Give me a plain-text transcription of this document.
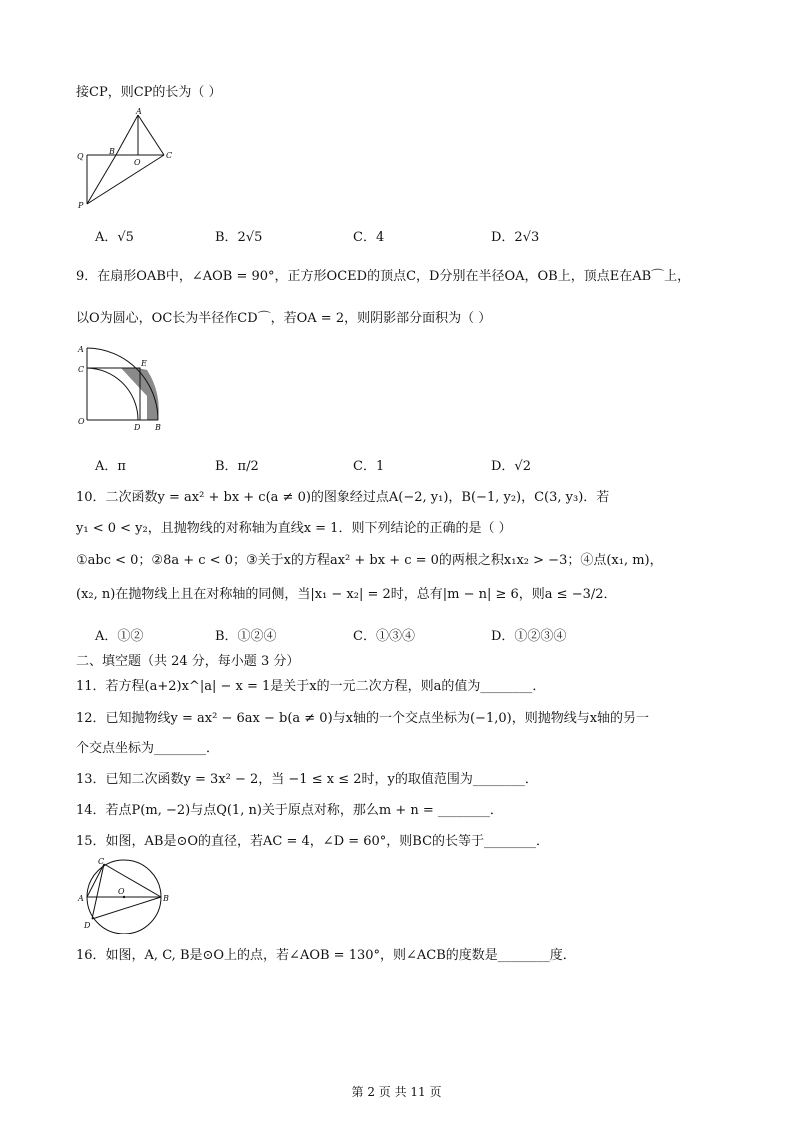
接CP，则CP的长为（ ）
A
Q
B
O
C
P
A．√5	B．2√5	C．4	D．2√3
9．在扇形OAB中，∠AOB = 90°，正方形OCED的顶点C，D分别在半径OA，OB上，顶点E在AB⌒上，
以O为圆心，OC长为半径作CD⌒，若OA = 2，则阴影部分面积为（ ）
A
C
E
O
D B
A．π	B．π/2	C．1	D．√2
10．二次函数y = ax² + bx + c(a ≠ 0)的图象经过点A(−2, y₁)，B(−1, y₂)，C(3, y₃)．若
y₁ < 0 < y₂，且抛物线的对称轴为直线x = 1．则下列结论的正确的是（ ）
①abc < 0；②8a + c < 0；③关于x的方程ax² + bx + c = 0的两根之积x₁x₂ > −3；④点(x₁, m)，
(x₂, n)在抛物线上且在对称轴的同侧，当|x₁ − x₂| = 2时，总有|m − n| ≥ 6，则a ≤ −3/2．
A．①②	B．①②④	C．①③④	D．①②③④
二、填空题（共 24 分，每小题 3 分）
11．若方程(a+2)x^|a| − x = 1是关于x的一元二次方程，则a的值为________．
12．已知抛物线y = ax² − 6ax − b(a ≠ 0)与x轴的一个交点坐标为(−1,0)，则抛物线与x轴的另一
个交点坐标为________．
13．已知二次函数y = 3x² − 2，当 −1 ≤ x ≤ 2时，y的取值范围为________．
14．若点P(m, −2)与点Q(1, n)关于原点对称，那么m + n = ________．
15．如图，AB是⊙O的直径，若AC = 4，∠D = 60°，则BC的长等于________．
C
A
O
B
D
16．如图，A, C, B是⊙O上的点，若∠AOB = 130°，则∠ACB的度数是________度．
第 2 页 共 11 页
